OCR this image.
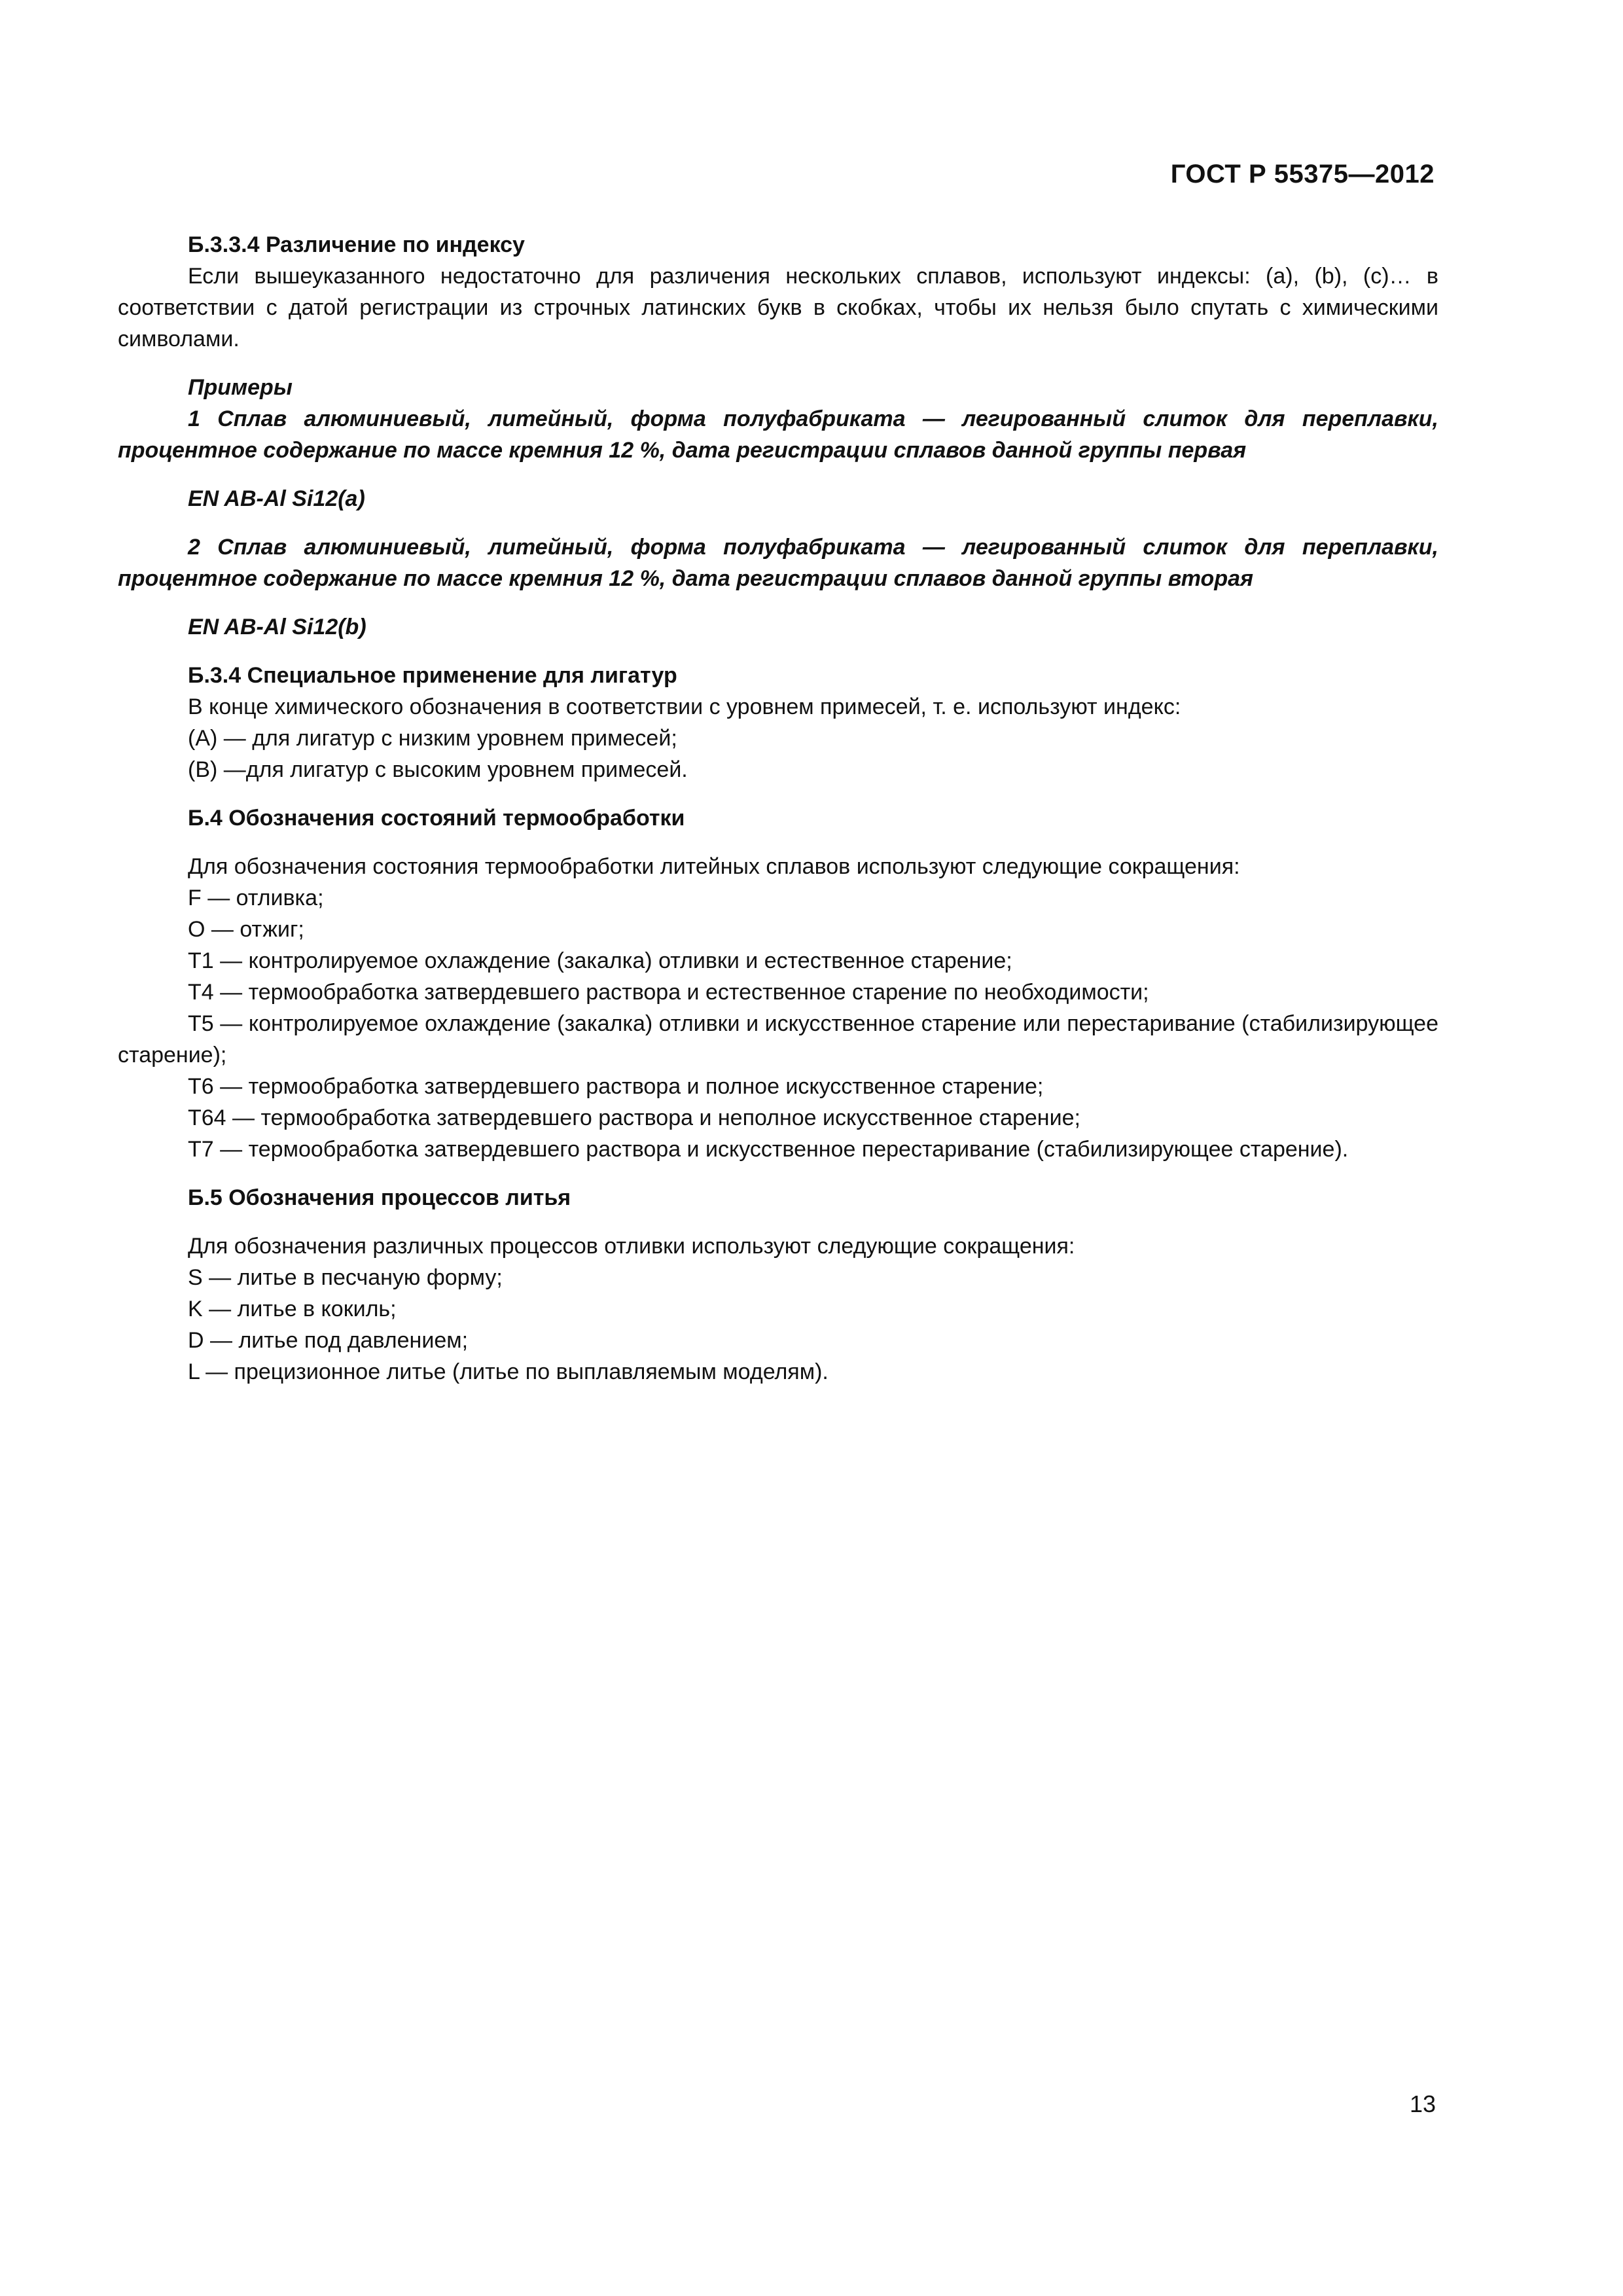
ГОСТ Р 55375—2012

Б.3.3.4 Различение по индексу

Если вышеуказанного недостаточно для различения нескольких сплавов, используют индексы: (a), (b), (c)… в соответствии с датой регистрации из строчных латинских букв в скобках, чтобы их нельзя было спутать с химическими символами.

Примеры

1 Сплав алюминиевый, литейный, форма полуфабриката — легированный слиток для переплавки, процентное содержание по массе кремния 12 %, дата регистрации сплавов данной группы первая

EN AB-Al Si12(a)

2 Сплав алюминиевый, литейный, форма полуфабриката — легированный слиток для переплавки, процентное содержание по массе кремния 12 %, дата регистрации сплавов данной группы вторая

EN AB-Al Si12(b)

Б.3.4 Специальное применение для лигатур

В конце химического обозначения в соответствии с уровнем примесей, т. е. используют индекс:

(А) — для лигатур с низким уровнем примесей;

(В) —для лигатур с высоким уровнем примесей.

Б.4 Обозначения состояний термообработки

Для обозначения состояния термообработки литейных сплавов используют следующие сокращения:

F — отливка;

O — отжиг;

T1 — контролируемое охлаждение (закалка) отливки и естественное старение;

T4 — термообработка затвердевшего раствора и естественное старение по необходимости;

T5 — контролируемое охлаждение (закалка) отливки и искусственное старение или перестаривание (стабилизирующее старение);

T6 — термообработка затвердевшего раствора и полное искусственное старение;

T64 — термообработка затвердевшего раствора и неполное искусственное старение;

T7 — термообработка затвердевшего раствора и искусственное перестаривание (стабилизирующее старение).

Б.5 Обозначения процессов литья

Для обозначения различных процессов отливки используют следующие сокращения:

S — литье в песчаную форму;

K — литье в кокиль;

D — литье под давлением;

L — прецизионное литье (литье по выплавляемым моделям).

13
